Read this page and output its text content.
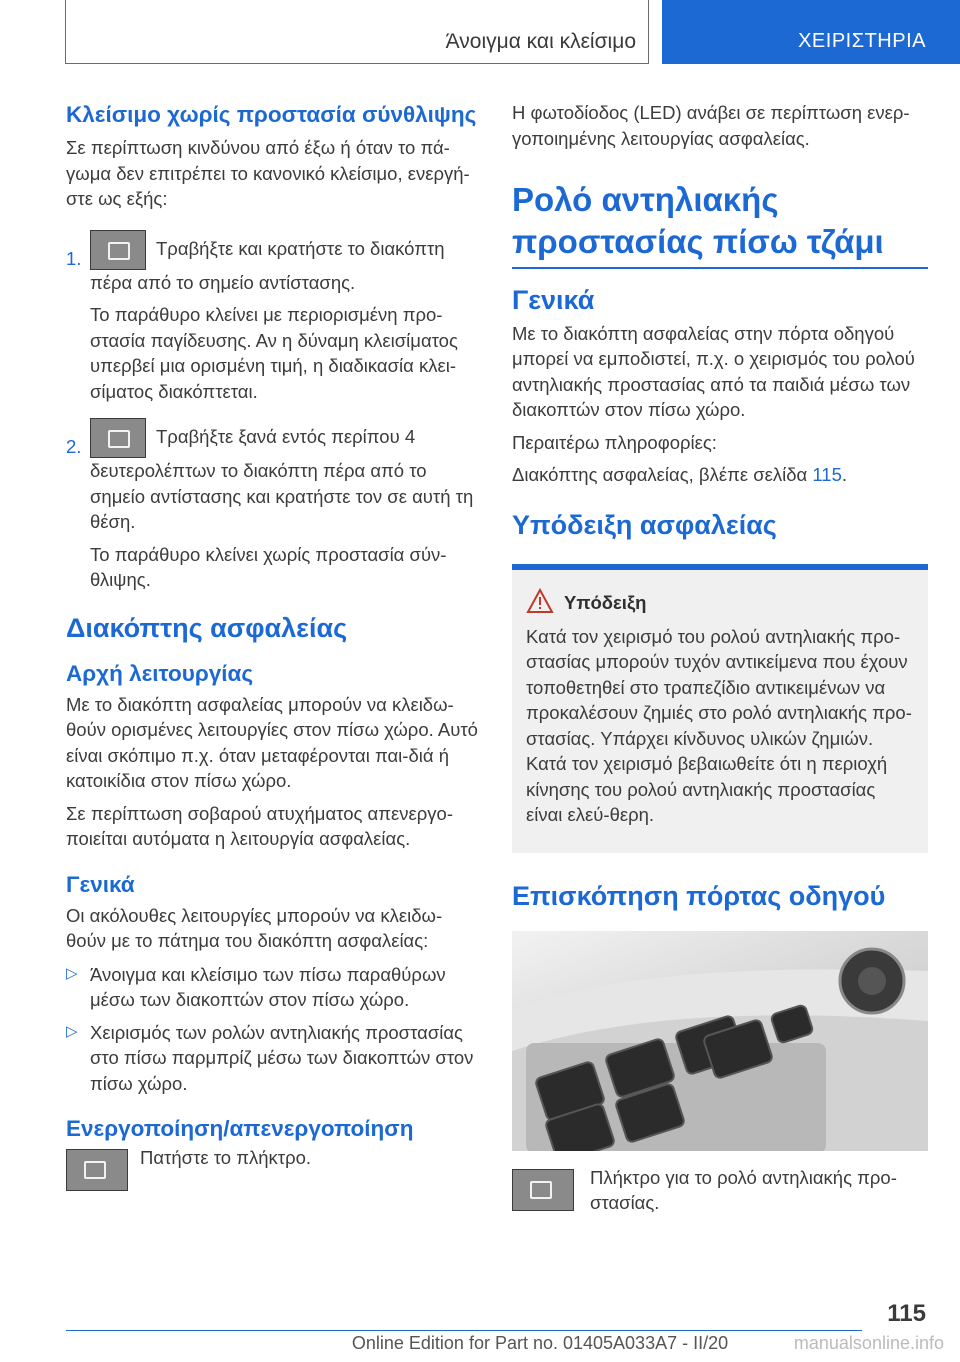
Άνοιγμα και κλείσιμο	ΧΕΙΡΙΣΤΗΡΙΑ
Κλείσιμο χωρίς προστασία σύνθλιψης

Σε περίπτωση κινδύνου από έξω ή όταν το πά-γωμα δεν επιτρέπει το κανονικό κλείσιμο, ενεργή-στε ως εξής:

1.	Τραβήξτε και κρατήστε το διακόπτη πέρα από το σημείο αντίστασης.

Το παράθυρο κλείνει με περιορισμένη προ-στασία παγίδευσης. Αν η δύναμη κλεισίματος υπερβεί μια ορισμένη τιμή, η διαδικασία κλει-σίματος διακόπτεται.

2.	Τραβήξτε ξανά εντός περίπου 4 δευτερολέπτων το διακόπτη πέρα από το σημείο αντίστασης και κρατήστε τον σε αυτή τη θέση.

Το παράθυρο κλείνει χωρίς προστασία σύν-θλιψης.

Διακόπτης ασφαλείας
Αρχή λειτουργίας

Με το διακόπτη ασφαλείας μπορούν να κλειδω-θούν ορισμένες λειτουργίες στον πίσω χώρο. Αυτό είναι σκόπιμο π.χ. όταν μεταφέρονται παι-διά ή κατοικίδια στον πίσω χώρο.

Σε περίπτωση σοβαρού ατυχήματος απενεργο-ποιείται αυτόματα η λειτουργία ασφαλείας.

Γενικά

Οι ακόλουθες λειτουργίες μπορούν να κλειδω-θούν με το πάτημα του διακόπτη ασφαλείας:

▷ Άνοιγμα και κλείσιμο των πίσω παραθύρων μέσω των διακοπτών στον πίσω χώρο.

▷ Χειρισμός των ρολών αντηλιακής προστασίας στο πίσω παρμπρίζ μέσω των διακοπτών στον πίσω χώρο.

Ενεργοποίηση/απενεργοποίηση

Πατήστε το πλήκτρο.

Η φωτοδίοδος (LED) ανάβει σε περίπτωση ενερ-γοποιημένης λειτουργίας ασφαλείας.

Ρολό αντηλιακής προστασίας πίσω τζάμι
Γενικά

Με το διακόπτη ασφαλείας στην πόρτα οδηγού μπορεί να εμποδιστεί, π.χ. ο χειρισμός του ρολού αντηλιακής προστασίας από τα παιδιά μέσω των διακοπτών στον πίσω χώρο.

Περαιτέρω πληροφορίες:

Διακόπτης ασφαλείας, βλέπε σελίδα 115.

Υπόδειξη ασφαλείας
Υπόδειξη

Κατά τον χειρισμό του ρολού αντηλιακής προ-στασίας μπορούν τυχόν αντικείμενα που έχουν τοποθετηθεί στο τραπεζίδιο αντικειμένων να προκαλέσουν ζημιές στο ρολό αντηλιακής προ-στασίας. Υπάρχει κίνδυνος υλικών ζημιών. Κατά τον χειρισμό βεβαιωθείτε ότι η περιοχή κίνησης του ρολού αντηλιακής προστασίας είναι ελεύ-θερη.

Επισκόπηση πόρτας οδηγού

Πλήκτρο για το ρολό αντηλιακής προ-στασίας.

115
Online Edition for Part no. 01405A033A7 - II/20	manualsonline.info
